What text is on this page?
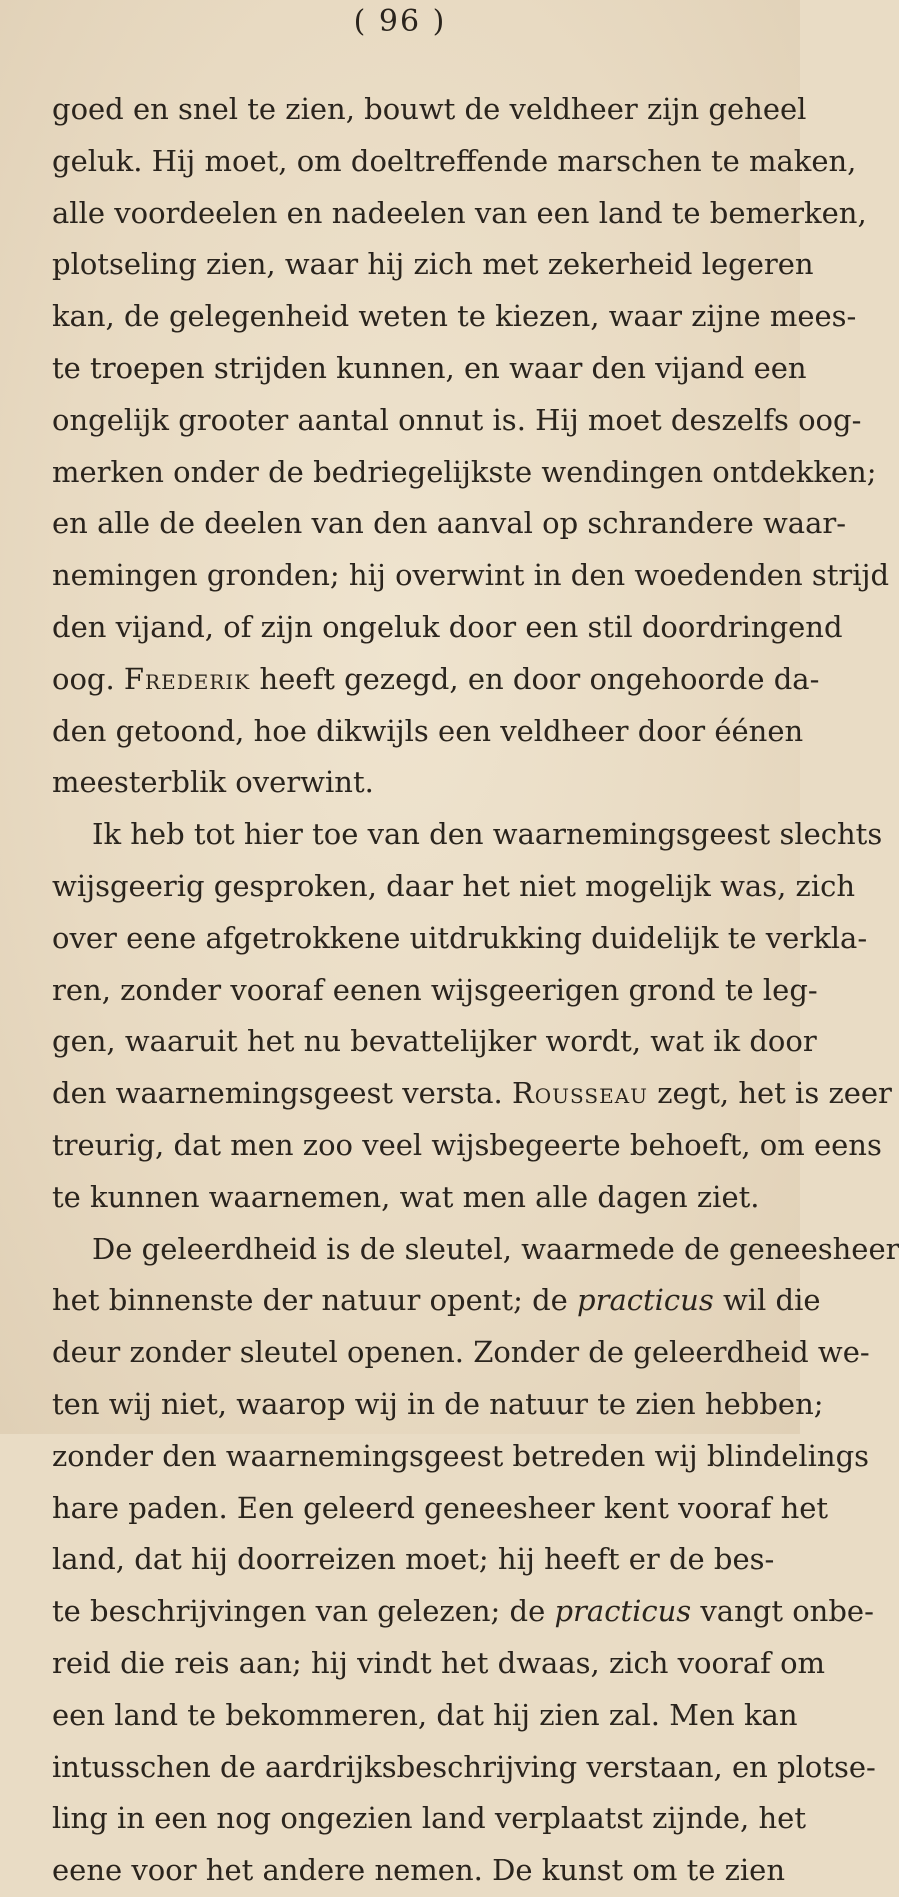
( 96 )
goed en snel te zien, bouwt de veldheer zijn geheel
geluk. Hij moet, om doeltreffende marschen te maken,
alle voordeelen en nadeelen van een land te bemerken,
plotseling zien, waar hij zich met zekerheid legeren
kan, de gelegenheid weten te kiezen, waar zijne mees-
te troepen strijden kunnen, en waar den vijand een
ongelijk grooter aantal onnut is. Hij moet deszelfs oog-
merken onder de bedriegelijkste wendingen ontdekken;
en alle de deelen van den aanval op schrandere waar-
nemingen gronden; hij overwint in den woedenden strijd
den vijand, of zijn ongeluk door een stil doordringend
oog. Frederik heeft gezegd, en door ongehoorde da-
den getoond, hoe dikwijls een veldheer door éénen
meesterblik overwint.
Ik heb tot hier toe van den waarnemingsgeest slechts
wijsgeerig gesproken, daar het niet mogelijk was, zich
over eene afgetrokkene uitdrukking duidelijk te verkla-
ren, zonder vooraf eenen wijsgeerigen grond te leg-
gen, waaruit het nu bevattelijker wordt, wat ik door
den waarnemingsgeest versta. Rousseau zegt, het is zeer
treurig, dat men zoo veel wijsbegeerte behoeft, om eens
te kunnen waarnemen, wat men alle dagen ziet.
De geleerdheid is de sleutel, waarmede de geneesheer
het binnenste der natuur opent; de practicus wil die
deur zonder sleutel openen. Zonder de geleerdheid we-
ten wij niet, waarop wij in de natuur te zien hebben;
zonder den waarnemingsgeest betreden wij blindelings
hare paden. Een geleerd geneesheer kent vooraf het
land, dat hij doorreizen moet; hij heeft er de bes-
te beschrijvingen van gelezen; de practicus vangt onbe-
reid die reis aan; hij vindt het dwaas, zich vooraf om
een land te bekommeren, dat hij zien zal. Men kan
intusschen de aardrijksbeschrijving verstaan, en plotse-
ling in een nog ongezien land verplaatst zijnde, het
eene voor het andere nemen. De kunst om te zien
